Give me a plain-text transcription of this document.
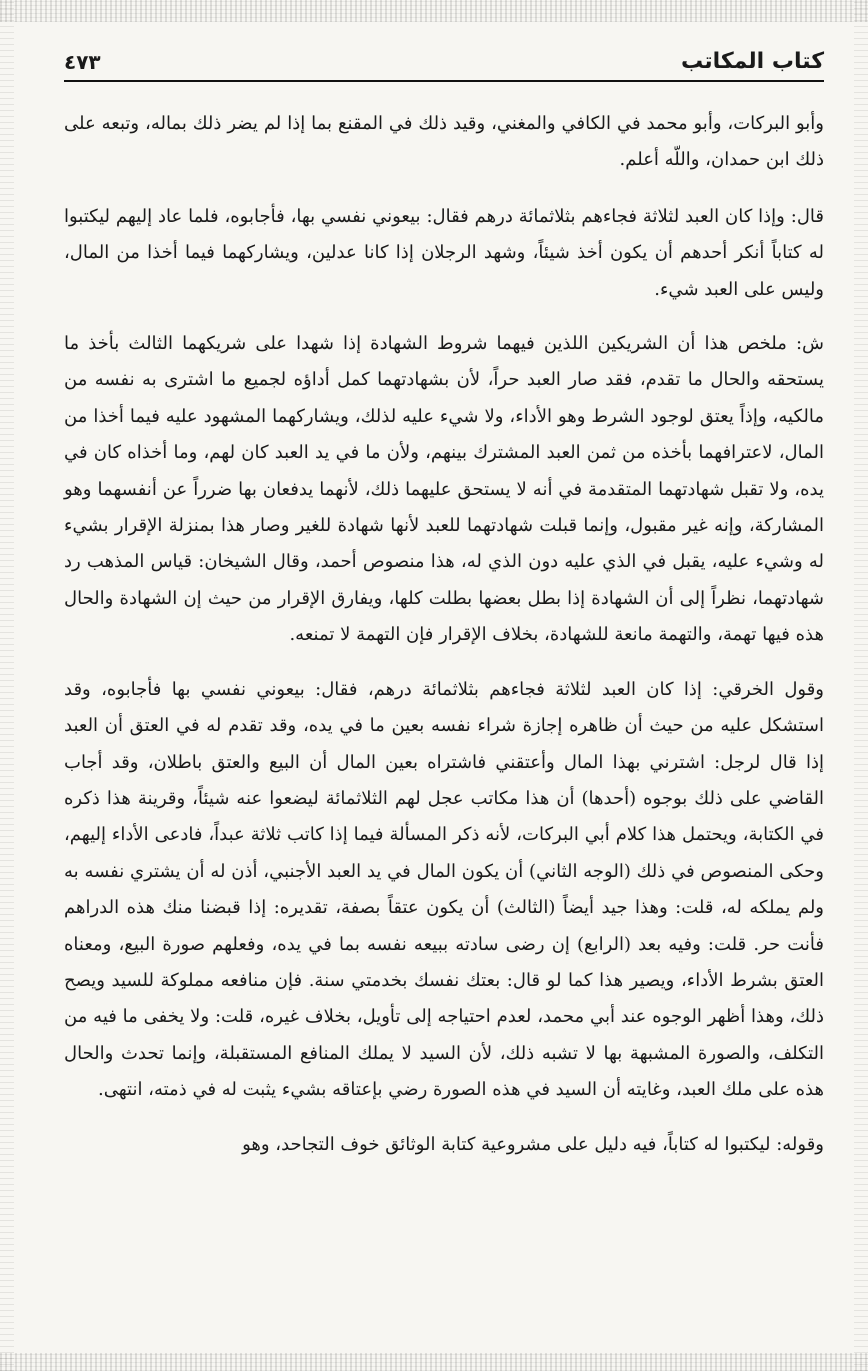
كتاب المكاتب
٤٧٣

وأبو البركات، وأبو محمد في الكافي والمغني، وقيد ذلك في المقنع بما إذا لم يضر ذلك بماله، وتبعه على ذلك ابن حمدان، واللّه أعلم.

قال: وإذا كان العبد لثلاثة فجاءهم بثلاثمائة درهم فقال: بيعوني نفسي بها، فأجابوه، فلما عاد إليهم ليكتبوا له كتاباً أنكر أحدهم أن يكون أخذ شيئاً، وشهد الرجلان إذا كانا عدلين، ويشاركهما فيما أخذا من المال، وليس على العبد شيء.

ش: ملخص هذا أن الشريكين اللذين فيهما شروط الشهادة إذا شهدا على شريكهما الثالث بأخذ ما يستحقه والحال ما تقدم، فقد صار العبد حراً، لأن بشهادتهما كمل أداؤه لجميع ما اشترى به نفسه من مالكيه، وإذاً يعتق لوجود الشرط وهو الأداء، ولا شيء عليه لذلك، ويشاركهما المشهود عليه فيما أخذا من المال، لاعترافهما بأخذه من ثمن العبد المشترك بينهم، ولأن ما في يد العبد كان لهم، وما أخذاه كان في يده، ولا تقبل شهادتهما المتقدمة في أنه لا يستحق عليهما ذلك، لأنهما يدفعان بها ضرراً عن أنفسهما وهو المشاركة، وإنه غير مقبول، وإنما قبلت شهادتهما للعبد لأنها شهادة للغير وصار هذا بمنزلة الإقرار بشيء له وشيء عليه، يقبل في الذي عليه دون الذي له، هذا منصوص أحمد، وقال الشيخان: قياس المذهب رد شهادتهما، نظراً إلى أن الشهادة إذا بطل بعضها بطلت كلها، ويفارق الإقرار من حيث إن الشهادة والحال هذه فيها تهمة، والتهمة مانعة للشهادة، بخلاف الإقرار فإن التهمة لا تمنعه.

وقول الخرقي: إذا كان العبد لثلاثة فجاءهم بثلاثمائة درهم، فقال: بيعوني نفسي بها فأجابوه، وقد استشكل عليه من حيث أن ظاهره إجازة شراء نفسه بعين ما في يده، وقد تقدم له في العتق أن العبد إذا قال لرجل: اشترني بهذا المال وأعتقني فاشتراه بعين المال أن البيع والعتق باطلان، وقد أجاب القاضي على ذلك بوجوه (أحدها) أن هذا مكاتب عجل لهم الثلاثمائة ليضعوا عنه شيئاً، وقرينة هذا ذكره في الكتابة، ويحتمل هذا كلام أبي البركات، لأنه ذكر المسألة فيما إذا كاتب ثلاثة عبداً، فادعى الأداء إليهم، وحكى المنصوص في ذلك (الوجه الثاني) أن يكون المال في يد العبد الأجنبي، أذن له أن يشتري نفسه به ولم يملكه له، قلت: وهذا جيد أيضاً (الثالث) أن يكون عتقاً بصفة، تقديره: إذا قبضنا منك هذه الدراهم فأنت حر. قلت: وفيه بعد (الرابع) إن رضى سادته ببيعه نفسه بما في يده، وفعلهم صورة البيع، ومعناه العتق بشرط الأداء، ويصير هذا كما لو قال: بعتك نفسك بخدمتي سنة. فإن منافعه مملوكة للسيد ويصح ذلك، وهذا أظهر الوجوه عند أبي محمد، لعدم احتياجه إلى تأويل، بخلاف غيره، قلت: ولا يخفى ما فيه من التكلف، والصورة المشبهة بها لا تشبه ذلك، لأن السيد لا يملك المنافع المستقبلة، وإنما تحدث والحال هذه على ملك العبد، وغايته أن السيد في هذه الصورة رضي بإعتاقه بشيء يثبت له في ذمته، انتهى.

وقوله: ليكتبوا له كتاباً، فيه دليل على مشروعية كتابة الوثائق خوف التجاحد، وهو
